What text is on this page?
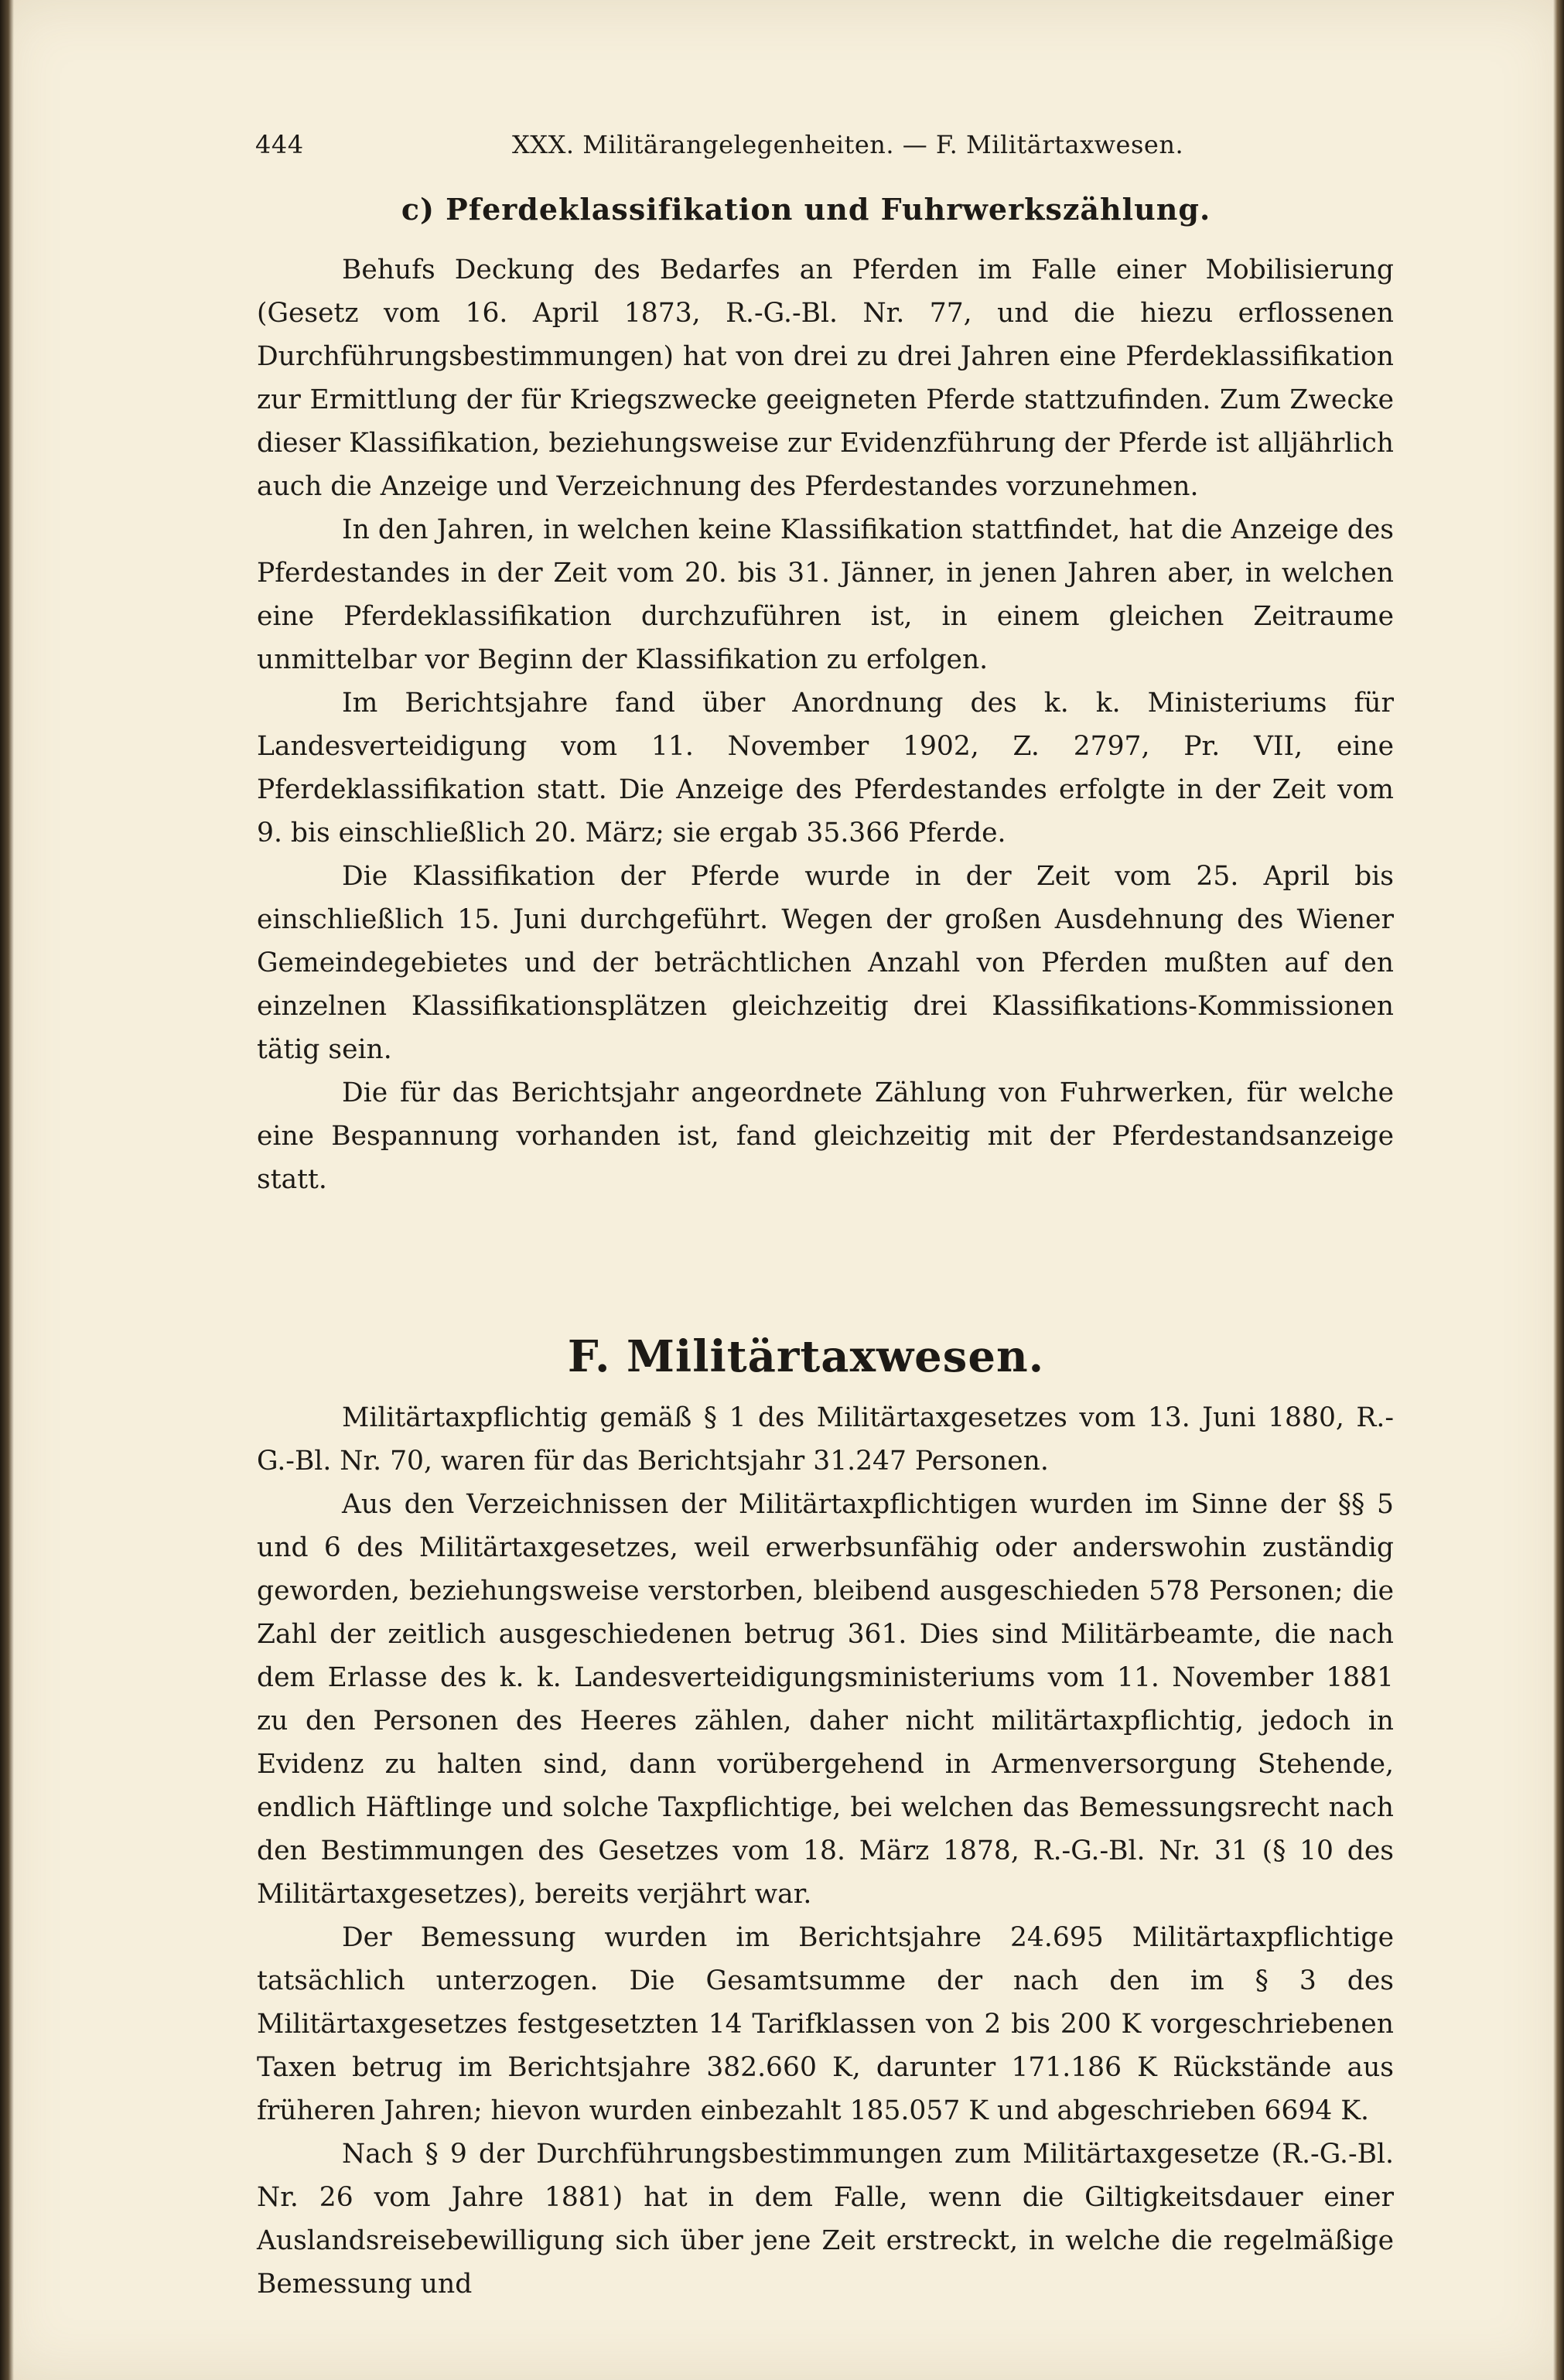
444	XXX. Militärangelegenheiten. — F. Militärtaxwesen.
c) Pferdeklassifikation und Fuhrwerkszählung.

Behufs Deckung des Bedarfes an Pferden im Falle einer Mobilisierung (Gesetz vom 16. April 1873, R.-G.-Bl. Nr. 77, und die hiezu erflossenen Durchführungsbestimmungen) hat von drei zu drei Jahren eine Pferdeklassifikation zur Ermittlung der für Kriegszwecke geeigneten Pferde stattzufinden. Zum Zwecke dieser Klassifikation, beziehungsweise zur Evidenzführung der Pferde ist alljährlich auch die Anzeige und Verzeichnung des Pferdestandes vorzunehmen.

In den Jahren, in welchen keine Klassifikation stattfindet, hat die Anzeige des Pferdestandes in der Zeit vom 20. bis 31. Jänner, in jenen Jahren aber, in welchen eine Pferdeklassifikation durchzuführen ist, in einem gleichen Zeitraume unmittelbar vor Beginn der Klassifikation zu erfolgen.

Im Berichtsjahre fand über Anordnung des k. k. Ministeriums für Landesverteidigung vom 11. November 1902, Z. 2797, Pr. VII, eine Pferdeklassifikation statt. Die Anzeige des Pferdestandes erfolgte in der Zeit vom 9. bis einschließlich 20. März; sie ergab 35.366 Pferde.

Die Klassifikation der Pferde wurde in der Zeit vom 25. April bis einschließlich 15. Juni durchgeführt. Wegen der großen Ausdehnung des Wiener Gemeindegebietes und der beträchtlichen Anzahl von Pferden mußten auf den einzelnen Klassifikationsplätzen gleichzeitig drei Klassifikations-Kommissionen tätig sein.

Die für das Berichtsjahr angeordnete Zählung von Fuhrwerken, für welche eine Bespannung vorhanden ist, fand gleichzeitig mit der Pferdestandsanzeige statt.

F. Militärtaxwesen.

Militärtaxpflichtig gemäß § 1 des Militärtaxgesetzes vom 13. Juni 1880, R.-G.-Bl. Nr. 70, waren für das Berichtsjahr 31.247 Personen.

Aus den Verzeichnissen der Militärtaxpflichtigen wurden im Sinne der §§ 5 und 6 des Militärtaxgesetzes, weil erwerbsunfähig oder anderswohin zuständig geworden, beziehungsweise verstorben, bleibend ausgeschieden 578 Personen; die Zahl der zeitlich ausgeschiedenen betrug 361. Dies sind Militärbeamte, die nach dem Erlasse des k. k. Landesverteidigungsministeriums vom 11. November 1881 zu den Personen des Heeres zählen, daher nicht militärtaxpflichtig, jedoch in Evidenz zu halten sind, dann vorübergehend in Armenversorgung Stehende, endlich Häftlinge und solche Taxpflichtige, bei welchen das Bemessungsrecht nach den Bestimmungen des Gesetzes vom 18. März 1878, R.-G.-Bl. Nr. 31 (§ 10 des Militärtaxgesetzes), bereits verjährt war.

Der Bemessung wurden im Berichtsjahre 24.695 Militärtaxpflichtige tatsächlich unterzogen. Die Gesamtsumme der nach den im § 3 des Militärtaxgesetzes festgesetzten 14 Tarifklassen von 2 bis 200 K vorgeschriebenen Taxen betrug im Berichtsjahre 382.660 K, darunter 171.186 K Rückstände aus früheren Jahren; hievon wurden einbezahlt 185.057 K und abgeschrieben 6694 K.

Nach § 9 der Durchführungsbestimmungen zum Militärtaxgesetze (R.-G.-Bl. Nr. 26 vom Jahre 1881) hat in dem Falle, wenn die Giltigkeitsdauer einer Auslandsreisebewilligung sich über jene Zeit erstreckt, in welche die regelmäßige Bemessung und
